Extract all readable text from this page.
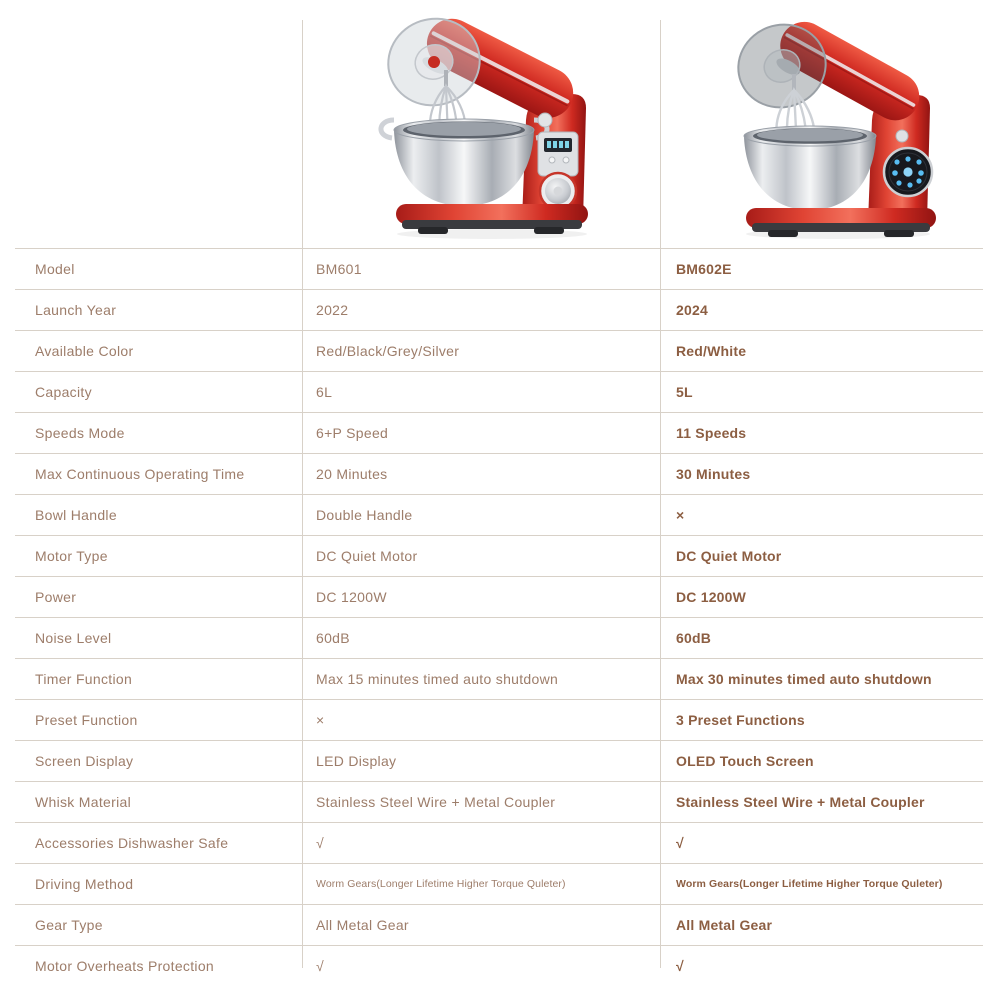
Model	BM601	BM602E
Launch Year	2022	2024
Available Color	Red/Black/Grey/Silver	Red/White
Capacity	6L	5L
Speeds Mode	6+P Speed	11 Speeds
Max Continuous Operating Time	20 Minutes	30 Minutes
Bowl Handle	Double Handle	×
Motor Type	DC Quiet Motor	DC Quiet Motor
Power	DC 1200W	DC 1200W
Noise Level	60dB	60dB
Timer Function	Max 15 minutes timed auto shutdown	Max 30 minutes timed auto shutdown
Preset Function	×	3 Preset Functions
Screen Display	LED Display	OLED Touch Screen
Whisk Material	Stainless Steel Wire + Metal Coupler	Stainless Steel Wire + Metal Coupler
Accessories Dishwasher Safe	√	√
Driving Method	Worm Gears(Longer Lifetime Higher Torque Quleter)	Worm Gears(Longer Lifetime Higher Torque Quleter)
Gear Type	All Metal Gear	All Metal Gear
Motor Overheats Protection	√	√
